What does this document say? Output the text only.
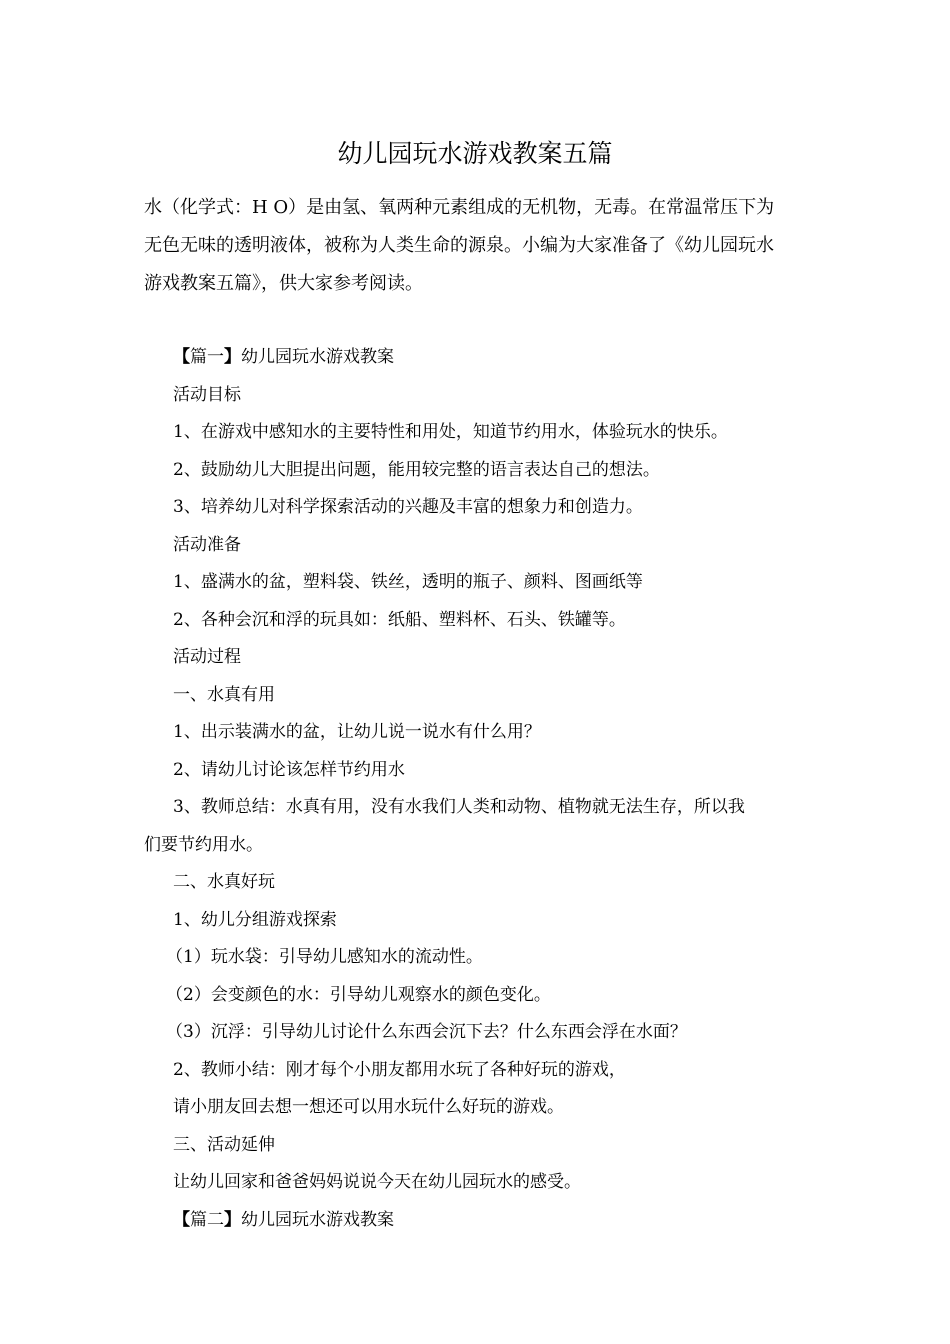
幼儿园玩水游戏教案五篇

水（化学式：H O）是由氢、氧两种元素组成的无机物，无毒。在常温常压下为

无色无味的透明液体，被称为人类生命的源泉。小编为大家准备了《幼儿园玩水

游戏教案五篇》，供大家参考阅读。

【篇一】幼儿园玩水游戏教案

活动目标

1、在游戏中感知水的主要特性和用处，知道节约用水，体验玩水的快乐。

2、鼓励幼儿大胆提出问题，能用较完整的语言表达自己的想法。

3、培养幼儿对科学探索活动的兴趣及丰富的想象力和创造力。

活动准备

1、盛满水的盆，塑料袋、铁丝，透明的瓶子、颜料、图画纸等

2、各种会沉和浮的玩具如：纸船、塑料杯、石头、铁罐等。

活动过程

一、水真有用

1、出示装满水的盆，让幼儿说一说水有什么用？

2、请幼儿讨论该怎样节约用水

3、教师总结：水真有用，没有水我们人类和动物、植物就无法生存，所以我

们要节约用水。

二、水真好玩

1、幼儿分组游戏探索

（1）玩水袋：引导幼儿感知水的流动性。

（2）会变颜色的水：引导幼儿观察水的颜色变化。

（3）沉浮：引导幼儿讨论什么东西会沉下去？什么东西会浮在水面？

2、教师小结：刚才每个小朋友都用水玩了各种好玩的游戏，

请小朋友回去想一想还可以用水玩什么好玩的游戏。

三、活动延伸

让幼儿回家和爸爸妈妈说说今天在幼儿园玩水的感受。

【篇二】幼儿园玩水游戏教案
